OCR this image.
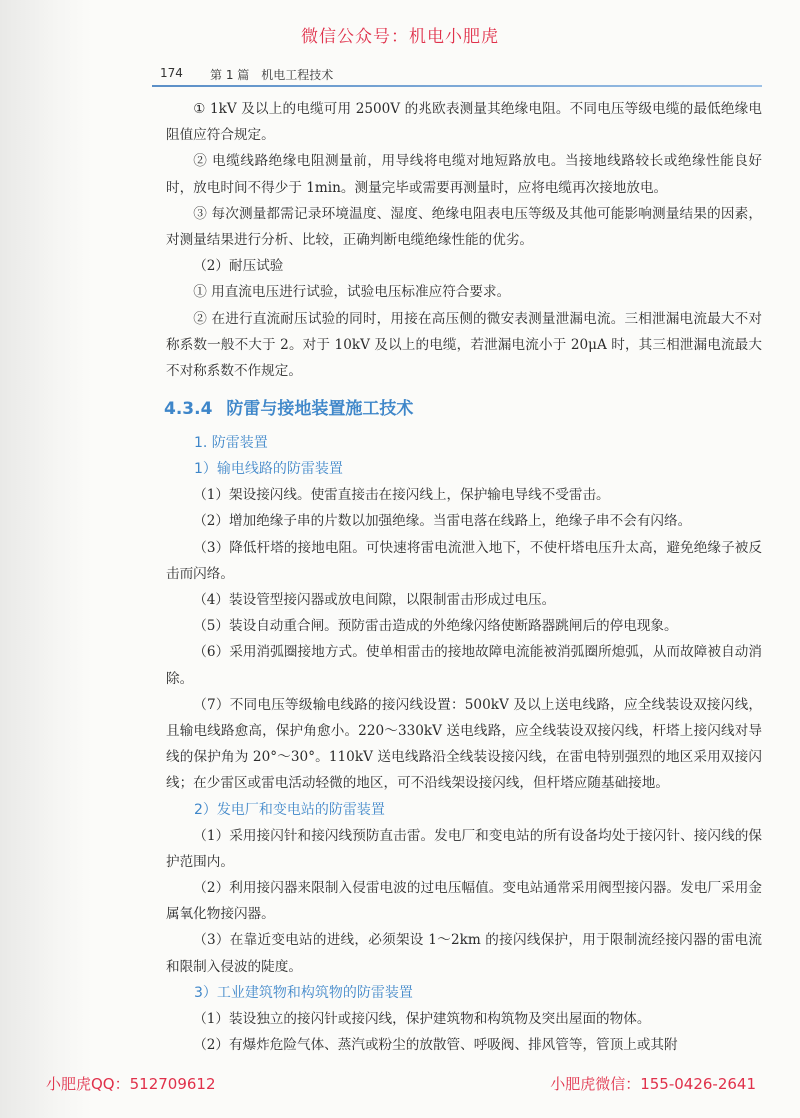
微信公众号：机电小肥虎
174 第 1 篇　机电工程技术

① 1kV 及以上的电缆可用 2500V 的兆欧表测量其绝缘电阻。不同电压等级电缆的最低绝缘电阻值应符合规定。

② 电缆线路绝缘电阻测量前，用导线将电缆对地短路放电。当接地线路较长或绝缘性能良好时，放电时间不得少于 1min。测量完毕或需要再测量时，应将电缆再次接地放电。

③ 每次测量都需记录环境温度、湿度、绝缘电阻表电压等级及其他可能影响测量结果的因素，对测量结果进行分析、比较，正确判断电缆绝缘性能的优劣。

（2）耐压试验

① 用直流电压进行试验，试验电压标准应符合要求。

② 在进行直流耐压试验的同时，用接在高压侧的微安表测量泄漏电流。三相泄漏电流最大不对称系数一般不大于 2。对于 10kV 及以上的电缆，若泄漏电流小于 20μA 时，其三相泄漏电流最大不对称系数不作规定。

4.3.4 防雷与接地装置施工技术
1. 防雷装置
1）输电线路的防雷装置

（1）架设接闪线。使雷直接击在接闪线上，保护输电导线不受雷击。

（2）增加绝缘子串的片数以加强绝缘。当雷电落在线路上，绝缘子串不会有闪络。

（3）降低杆塔的接地电阻。可快速将雷电流泄入地下，不使杆塔电压升太高，避免绝缘子被反击而闪络。

（4）装设管型接闪器或放电间隙，以限制雷击形成过电压。

（5）装设自动重合闸。预防雷击造成的外绝缘闪络使断路器跳闸后的停电现象。

（6）采用消弧圈接地方式。使单相雷击的接地故障电流能被消弧圈所熄弧，从而故障被自动消除。

（7）不同电压等级输电线路的接闪线设置：500kV 及以上送电线路，应全线装设双接闪线，且输电线路愈高，保护角愈小。220～330kV 送电线路，应全线装设双接闪线，杆塔上接闪线对导线的保护角为 20°～30°。110kV 送电线路沿全线装设接闪线，在雷电特别强烈的地区采用双接闪线；在少雷区或雷电活动轻微的地区，可不沿线架设接闪线，但杆塔应随基础接地。

2）发电厂和变电站的防雷装置

（1）采用接闪针和接闪线预防直击雷。发电厂和变电站的所有设备均处于接闪针、接闪线的保护范围内。

（2）利用接闪器来限制入侵雷电波的过电压幅值。变电站通常采用阀型接闪器。发电厂采用金属氧化物接闪器。

（3）在靠近变电站的进线，必须架设 1～2km 的接闪线保护，用于限制流经接闪器的雷电流和限制入侵波的陡度。

3）工业建筑物和构筑物的防雷装置

（1）装设独立的接闪针或接闪线，保护建筑物和构筑物及突出屋面的物体。

（2）有爆炸危险气体、蒸汽或粉尘的放散管、呼吸阀、排风管等，管顶上或其附

小肥虎QQ：512709612	小肥虎微信：155-0426-2641
